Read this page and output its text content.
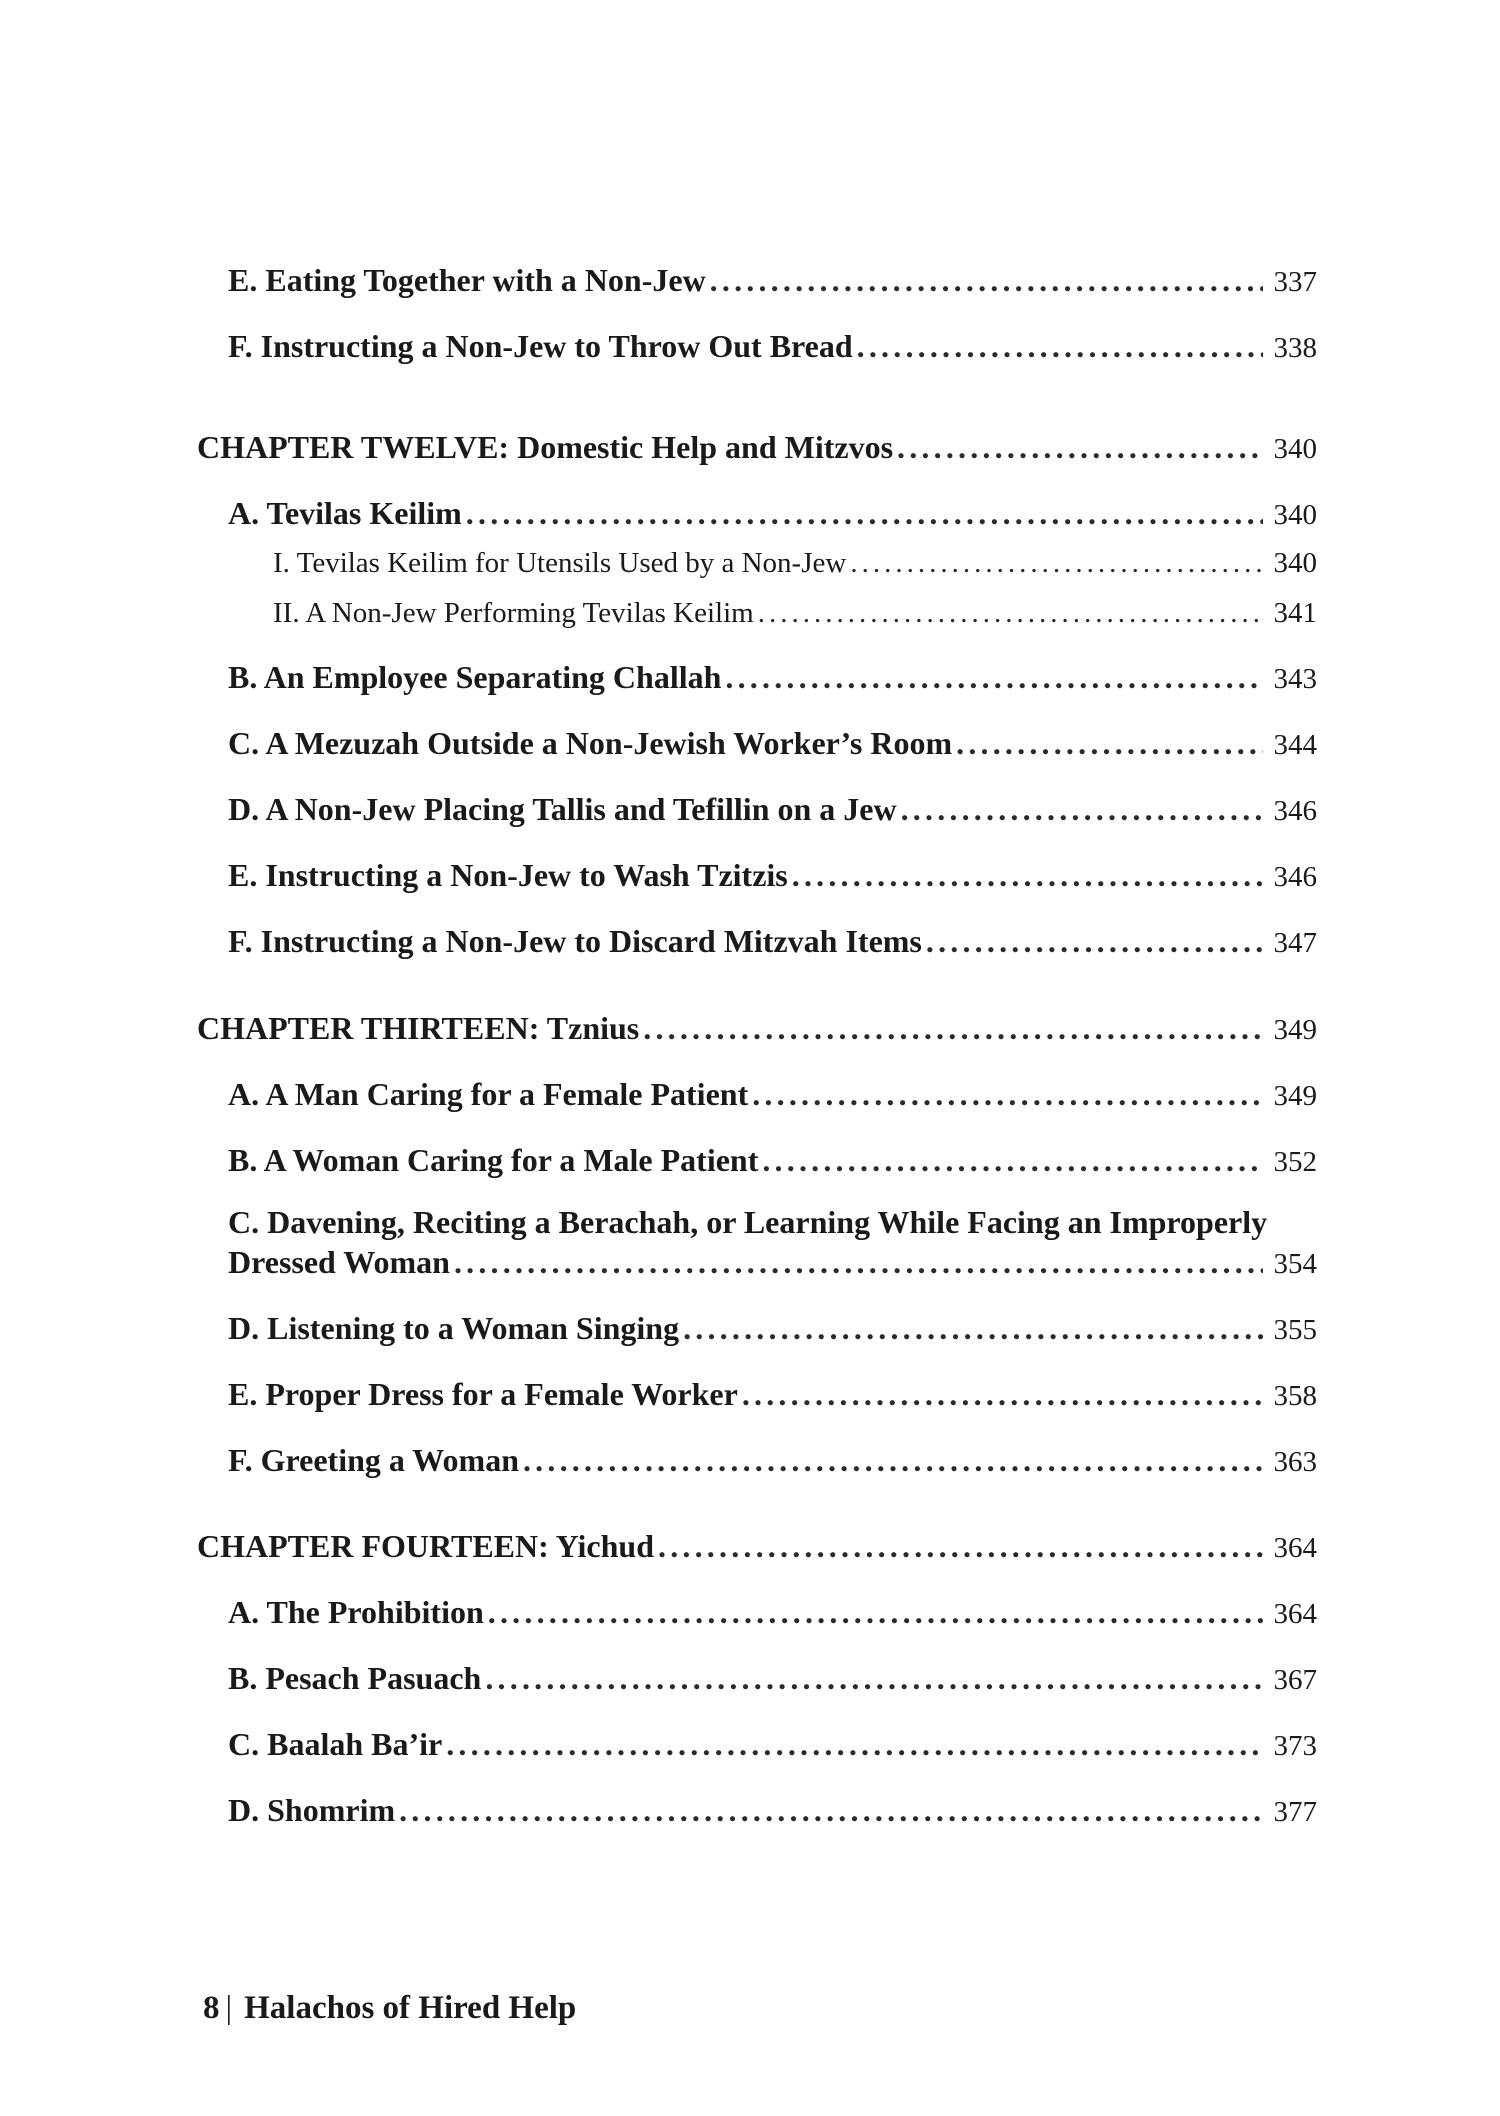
E. Eating Together with a Non-Jew .....	337
F. Instructing a Non-Jew to Throw Out Bread .....	338
CHAPTER TWELVE: Domestic Help and Mitzvos .....	340
A. Tevilas Keilim .....	340
I. Tevilas Keilim for Utensils Used by a Non-Jew .....	340
II. A Non-Jew Performing Tevilas Keilim .....	341
B. An Employee Separating Challah .....	343
C. A Mezuzah Outside a Non-Jewish Worker’s Room .....	344
D. A Non-Jew Placing Tallis and Tefillin on a Jew .....	346
E. Instructing a Non-Jew to Wash Tzitzis .....	346
F. Instructing a Non-Jew to Discard Mitzvah Items .....	347
CHAPTER THIRTEEN: Tznius .....	349
A. A Man Caring for a Female Patient .....	349
B. A Woman Caring for a Male Patient .....	352
C. Davening, Reciting a Berachah, or Learning While Facing an Improperly
Dressed Woman .....	354
D. Listening to a Woman Singing .....	355
E. Proper Dress for a Female Worker .....	358
F. Greeting a Woman .....	363
CHAPTER FOURTEEN: Yichud .....	364
A. The Prohibition .....	364
B. Pesach Pasuach .....	367
C. Baalah Ba’ir .....	373
D. Shomrim .....	377
8 | Halachos of Hired Help
